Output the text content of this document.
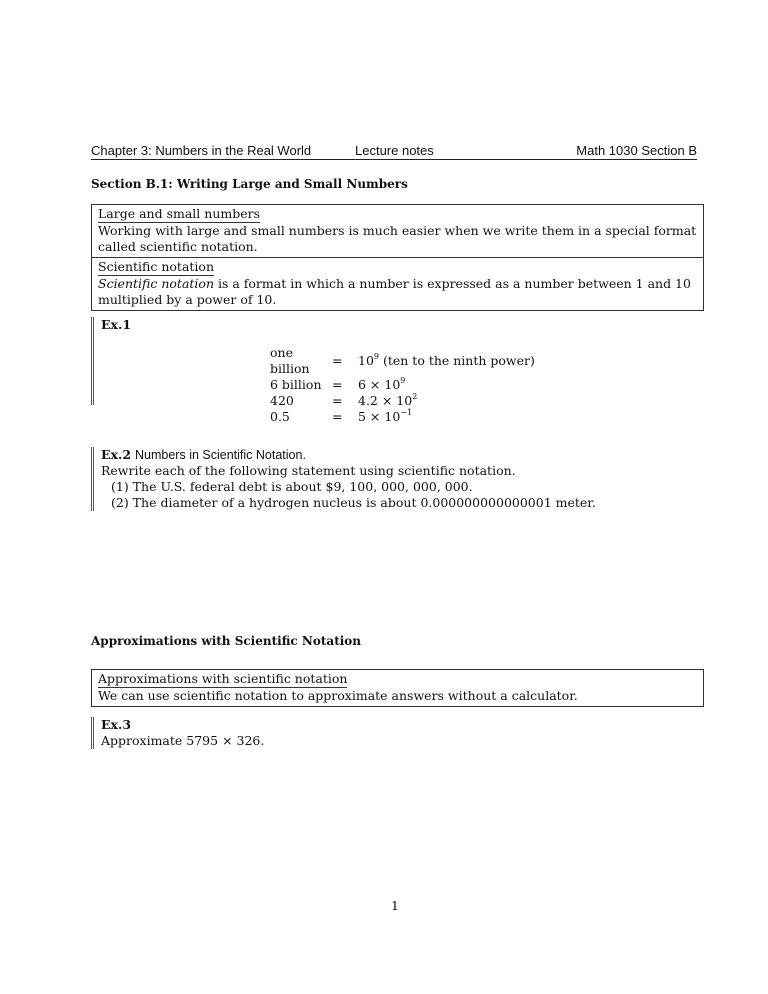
Chapter 3: Numbers in the Real World	Lecture notes	Math 1030 Section B
Section B.1: Writing Large and Small Numbers
Large and small numbers
Working with large and small numbers is much easier when we write them in a special format called scientific notation.
Scientific notation
Scientific notation is a format in which a number is expressed as a number between 1 and 10 multiplied by a power of 10.
Ex.1
one billion	=	$10^9$ (ten to the ninth power)
6 billion	=	$6 \times 10^9$
420	=	$4.2 \times 10^2$
0.5	=	$5 \times 10^{-1}$
Ex.2 Numbers in Scientific Notation.
Rewrite each of the following statement using scientific notation.
(1) The U.S. federal debt is about $9, 100, 000, 000, 000.
(2) The diameter of a hydrogen nucleus is about 0.000000000000001 meter.
Approximations with Scientific Notation
Approximations with scientific notation
We can use scientific notation to approximate answers without a calculator.
Ex.3
Approximate 5795 × 326.
1
